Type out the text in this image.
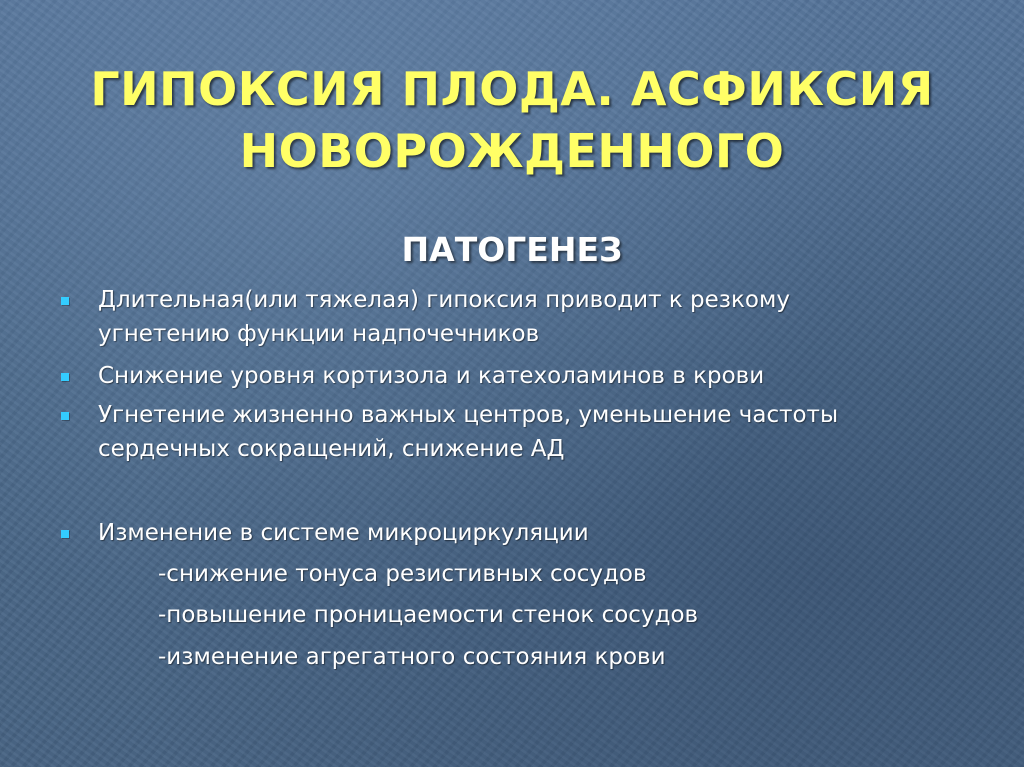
ГИПОКСИЯ ПЛОДА. АСФИКСИЯ
НОВОРОЖДЕННОГО
ПАТОГЕНЕЗ
Длительная(или тяжелая) гипоксия приводит к резкому угнетению функции надпочечников
Снижение уровня кортизола и катехоламинов в крови
Угнетение жизненно важных центров, уменьшение частоты сердечных сокращений, снижение АД
Изменение в системе микроциркуляции
-снижение тонуса резистивных сосудов
-повышение проницаемости стенок сосудов
-изменение агрегатного состояния крови
